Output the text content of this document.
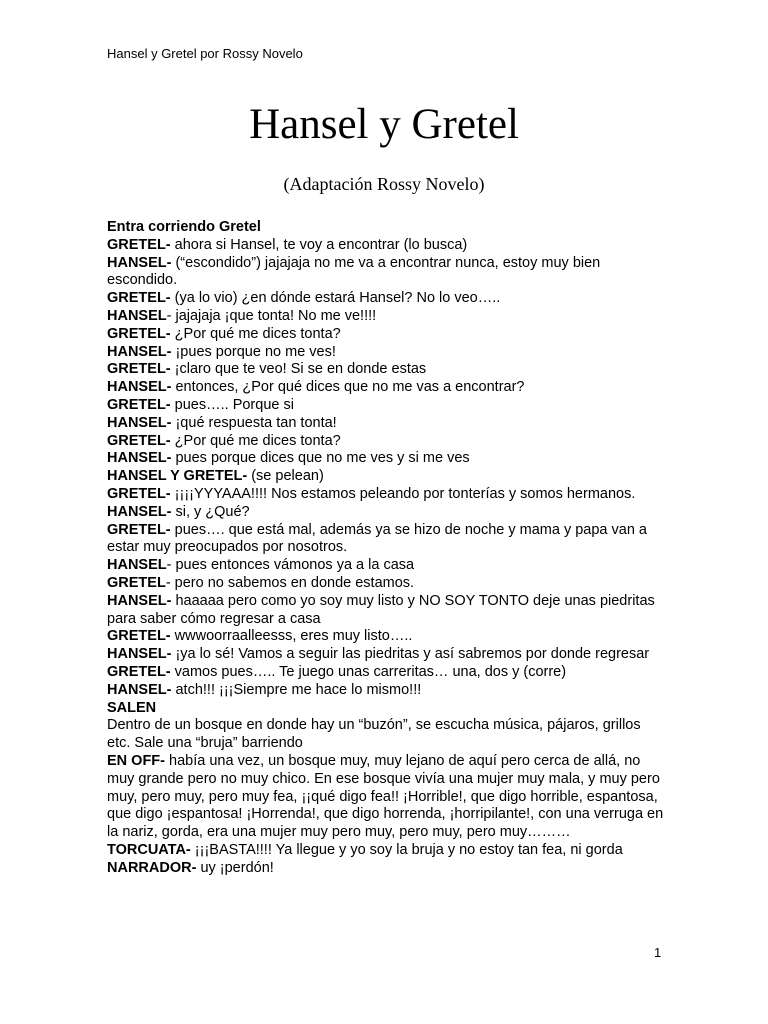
Hansel y Gretel por Rossy Novelo
Hansel y Gretel
(Adaptación Rossy Novelo)

Entra corriendo Gretel

GRETEL- ahora si Hansel, te voy a encontrar (lo busca)

HANSEL- (“escondido”) jajajaja no me va a encontrar nunca, estoy muy bien escondido.

GRETEL- (ya lo vio) ¿en dónde estará Hansel? No lo veo…..

HANSEL- jajajaja ¡que tonta! No me ve!!!!

GRETEL- ¿Por qué me dices tonta?

HANSEL- ¡pues porque no me ves!

GRETEL- ¡claro que te veo! Si se en donde estas

HANSEL- entonces, ¿Por qué dices que no me vas a encontrar?

GRETEL- pues….. Porque si

HANSEL- ¡qué respuesta tan tonta!

GRETEL- ¿Por qué me dices tonta?

HANSEL- pues porque dices que no me ves y si me ves

HANSEL Y GRETEL- (se pelean)

GRETEL- ¡¡¡¡YYYAAA!!!! Nos estamos peleando por tonterías y somos hermanos.

HANSEL- si, y ¿Qué?

GRETEL- pues…. que está mal, además ya se hizo de noche y mama y papa van a estar muy preocupados por nosotros.

HANSEL- pues entonces vámonos ya a la casa

GRETEL- pero no sabemos en donde estamos.

HANSEL- haaaaa pero como yo soy muy listo y NO SOY TONTO deje unas piedritas para saber cómo regresar a casa

GRETEL- wwwoorraalleesss, eres muy listo…..

HANSEL- ¡ya lo sé! Vamos a seguir las piedritas y así sabremos por donde regresar

GRETEL- vamos pues….. Te juego unas carreritas… una, dos y (corre)

HANSEL- atch!!! ¡¡¡Siempre me hace lo mismo!!!

SALEN

Dentro de un bosque en donde hay un “buzón”, se escucha música, pájaros, grillos etc. Sale una “bruja” barriendo

EN OFF- había una vez, un bosque muy, muy lejano de aquí pero cerca de allá, no muy grande pero no muy chico. En ese bosque vivía una mujer muy mala, y muy pero muy, pero muy, pero muy fea, ¡¡qué digo fea!! ¡Horrible!, que digo horrible, espantosa, que digo ¡espantosa! ¡Horrenda!, que digo horrenda, ¡horripilante!, con una verruga en la nariz, gorda, era una mujer muy pero muy, pero muy, pero muy………

TORCUATA- ¡¡¡BASTA!!!! Ya llegue y yo soy la bruja y no estoy tan fea, ni gorda

NARRADOR- uy ¡perdón!

1
